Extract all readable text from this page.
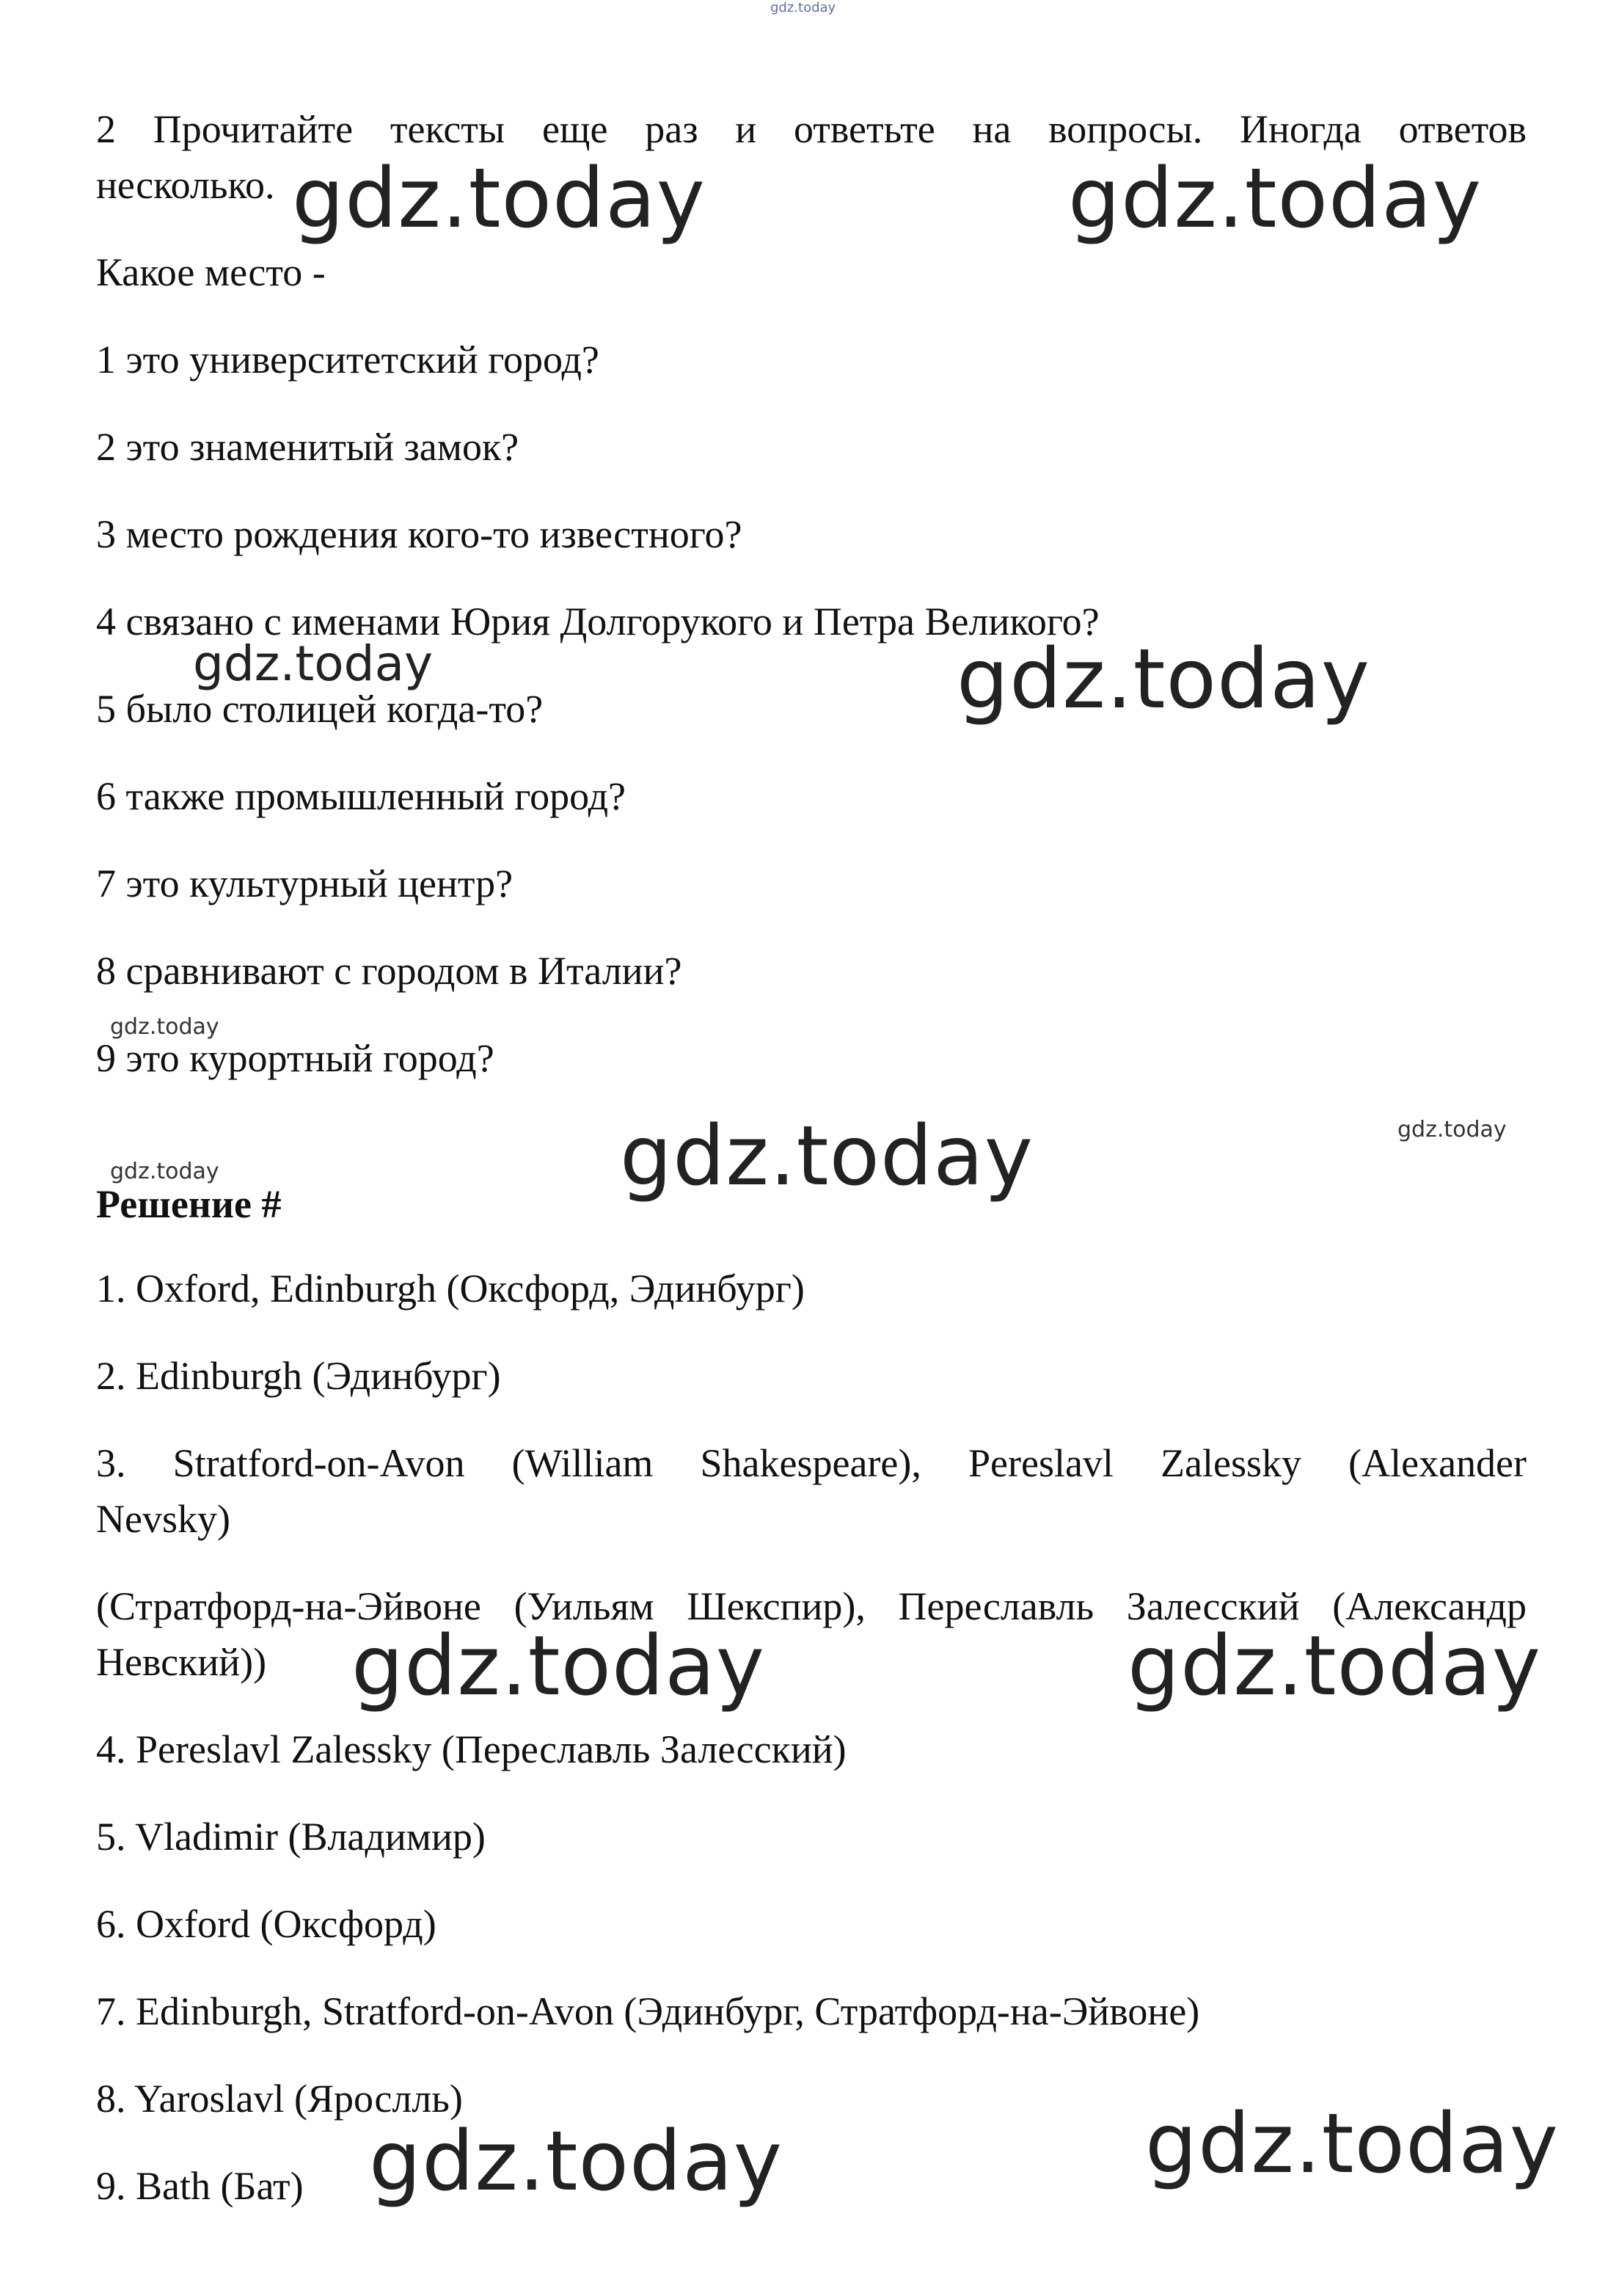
gdz.today
2 Прочитайте тексты еще раз и ответьте на вопросы. Иногда ответов
несколько.
Какое место -
1 это университетский город?
2 это знаменитый замок?
3 место рождения кого-то известного?
4 связано с именами Юрия Долгорукого и Петра Великого?
5 было столицей когда-то?
6 также промышленный город?
7 это культурный центр?
8 сравнивают с городом в Италии?
9 это курортный город?
Решение #
1. Oxford, Edinburgh (Оксфорд, Эдинбург)
2. Edinburgh (Эдинбург)
3. Stratford-on-Avon (William Shakespeare), Pereslavl Zalessky (Alexander
Nevsky)
(Стратфорд-на-Эйвоне (Уильям Шекспир), Переславль Залесский (Александр
Невский))
4. Pereslavl Zalessky (Переславль Залесский)
5. Vladimir (Владимир)
6. Oxford (Оксфорд)
7. Edinburgh, Stratford-on-Avon (Эдинбург, Стратфорд-на-Эйвоне)
8. Yaroslavl (Ярослль)
9. Bath (Бат)
gdz.today	gdz.today
gdz.today	gdz.today
gdz.today
gdz.today
gdz.today	gdz.today
gdz.today	gdz.today
gdz.today	gdz.today
